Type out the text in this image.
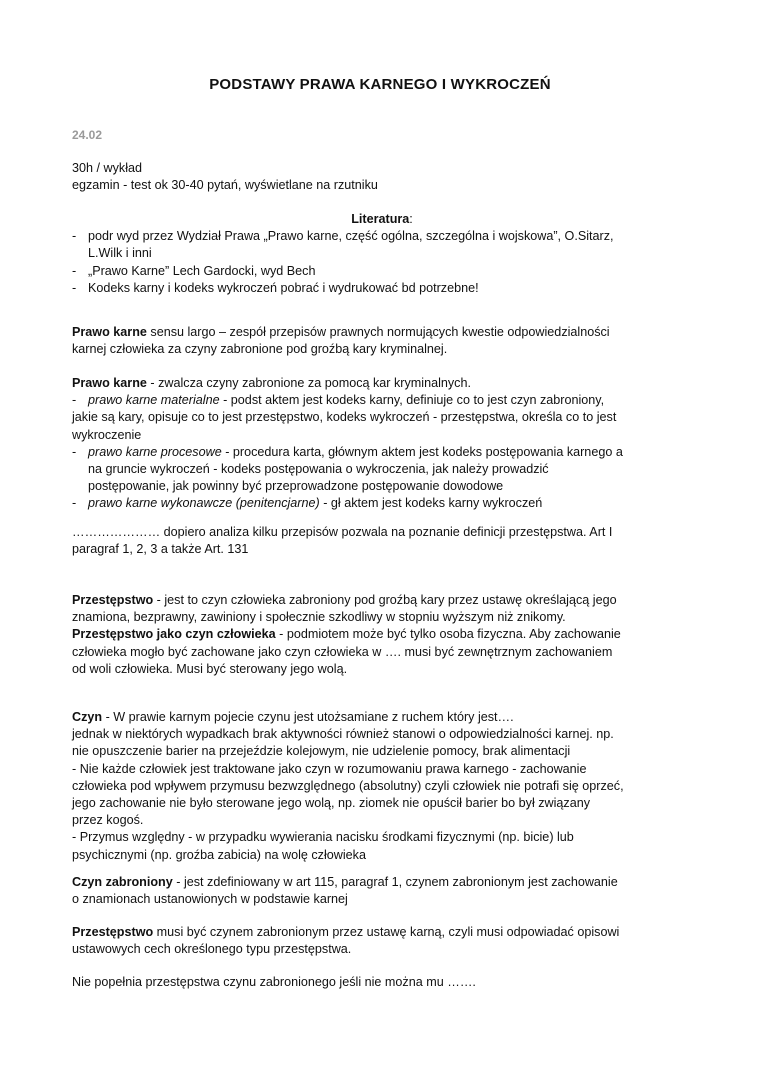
PODSTAWY PRAWA KARNEGO I WYKROCZEŃ
24.02

30h / wykład

egzamin - test ok 30-40 pytań, wyświetlane na rzutniku

Literatura:

- podr wyd przez Wydział Prawa „Prawo karne, część ogólna, szczególna i wojskowa”, O.Sitarz,
L.Wilk i inni
- „Prawo Karne” Lech Gardocki, wyd Bech
- Kodeks karny i kodeks wykroczeń pobrać i wydrukować bd potrzebne!

Prawo karne sensu largo – zespół przepisów prawnych normujących kwestie odpowiedzialności

karnej człowieka za czyny zabronione pod groźbą kary kryminalnej.

Prawo karne - zwalcza czyny zabronione za pomocą kar kryminalnych.

- prawo karne materialne - podst aktem jest kodeks karny, definiuje co to jest czyn zabroniony,

jakie są kary, opisuje co to jest przestępstwo, kodeks wykroczeń - przestępstwa, określa co to jest

wykroczenie

- prawo karne procesowe - procedura karta, głównym aktem jest kodeks postępowania karnego a
na gruncie wykroczeń - kodeks postępowania o wykroczenia, jak należy prowadzić
postępowanie, jak powinny być przeprowadzone postępowanie dowodowe
- prawo karne wykonawcze (penitencjarne) - gł aktem jest kodeks karny wykroczeń

………………… dopiero analiza kilku przepisów pozwala na poznanie definicji przestępstwa. Art I

paragraf 1, 2, 3 a także Art. 131

Przestępstwo - jest to czyn człowieka zabroniony pod groźbą kary przez ustawę określającą jego

znamiona, bezprawny, zawiniony i społecznie szkodliwy w stopniu wyższym niż znikomy.

Przestępstwo jako czyn człowieka - podmiotem może być tylko osoba fizyczna. Aby zachowanie

człowieka mogło być zachowane jako czyn człowieka w …. musi być zewnętrznym zachowaniem

od woli człowieka. Musi być sterowany jego wolą.

Czyn - W prawie karnym pojecie czynu jest utożsamiane z ruchem który jest….

jednak w niektórych wypadkach brak aktywności również stanowi o odpowiedzialności karnej. np.

nie opuszczenie barier na przejeździe kolejowym, nie udzielenie pomocy, brak alimentacji

- Nie każde człowiek jest traktowane jako czyn w rozumowaniu prawa karnego - zachowanie

człowieka pod wpływem przymusu bezwzględnego (absolutny) czyli człowiek nie potrafi się oprzeć,

jego zachowanie nie było sterowane jego wolą, np. ziomek nie opuścił barier bo był związany

przez kogoś.

- Przymus względny - w przypadku wywierania nacisku środkami fizycznymi (np. bicie) lub

psychicznymi (np. groźba zabicia) na wolę człowieka

Czyn zabroniony - jest zdefiniowany w art 115, paragraf 1, czynem zabronionym jest zachowanie

o znamionach ustanowionych w podstawie karnej

Przestępstwo musi być czynem zabronionym przez ustawę karną, czyli musi odpowiadać opisowi

ustawowych cech określonego typu przestępstwa.

Nie popełnia przestępstwa czynu zabronionego jeśli nie można mu …….
